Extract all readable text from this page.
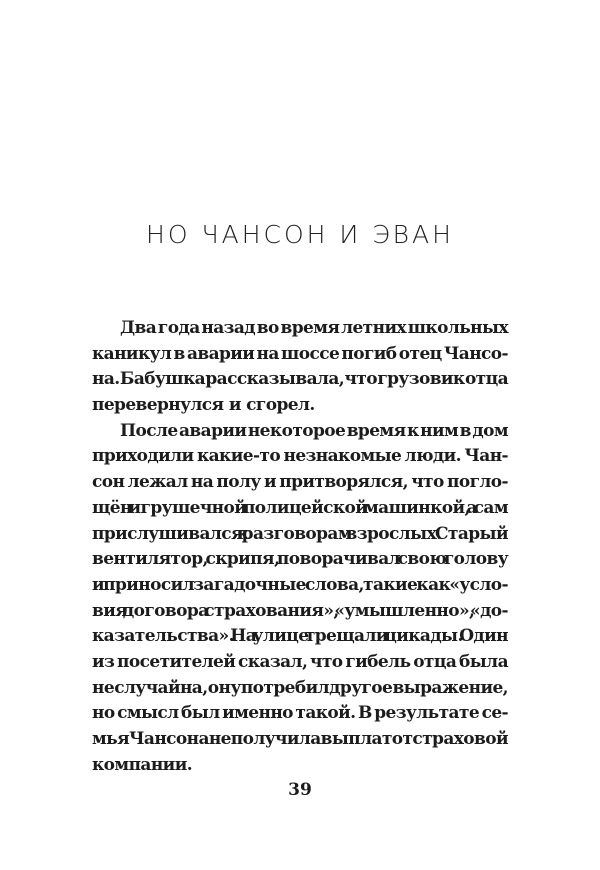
НО ЧАНСОН И ЭВАН
Два года назад во время летних школьных
каникул в аварии на шоссе погиб отец Чансо-
на. Бабушка рассказывала, что грузовик отца
перевернулся и сгорел.
После аварии некоторое время к ним в дом
приходили какие-то незнакомые люди. Чан-
сон лежал на полу и притворялся, что погло-
щён игрушечной полицейской машинкой, а сам
прислушивался к разговорам взрослых. Старый
вентилятор, скрипя, поворачивал свою голову
и приносил загадочные слова, такие как «усло-
вия договора страхования», «умышленно», «до-
казательства». На улице трещали цикады. Один
из посетителей сказал, что гибель отца была
не случайна, он употребил другое выражение,
но смысл был именно такой. В результате се-
мья Чансона не получила выплат от страховой
компании.
39
